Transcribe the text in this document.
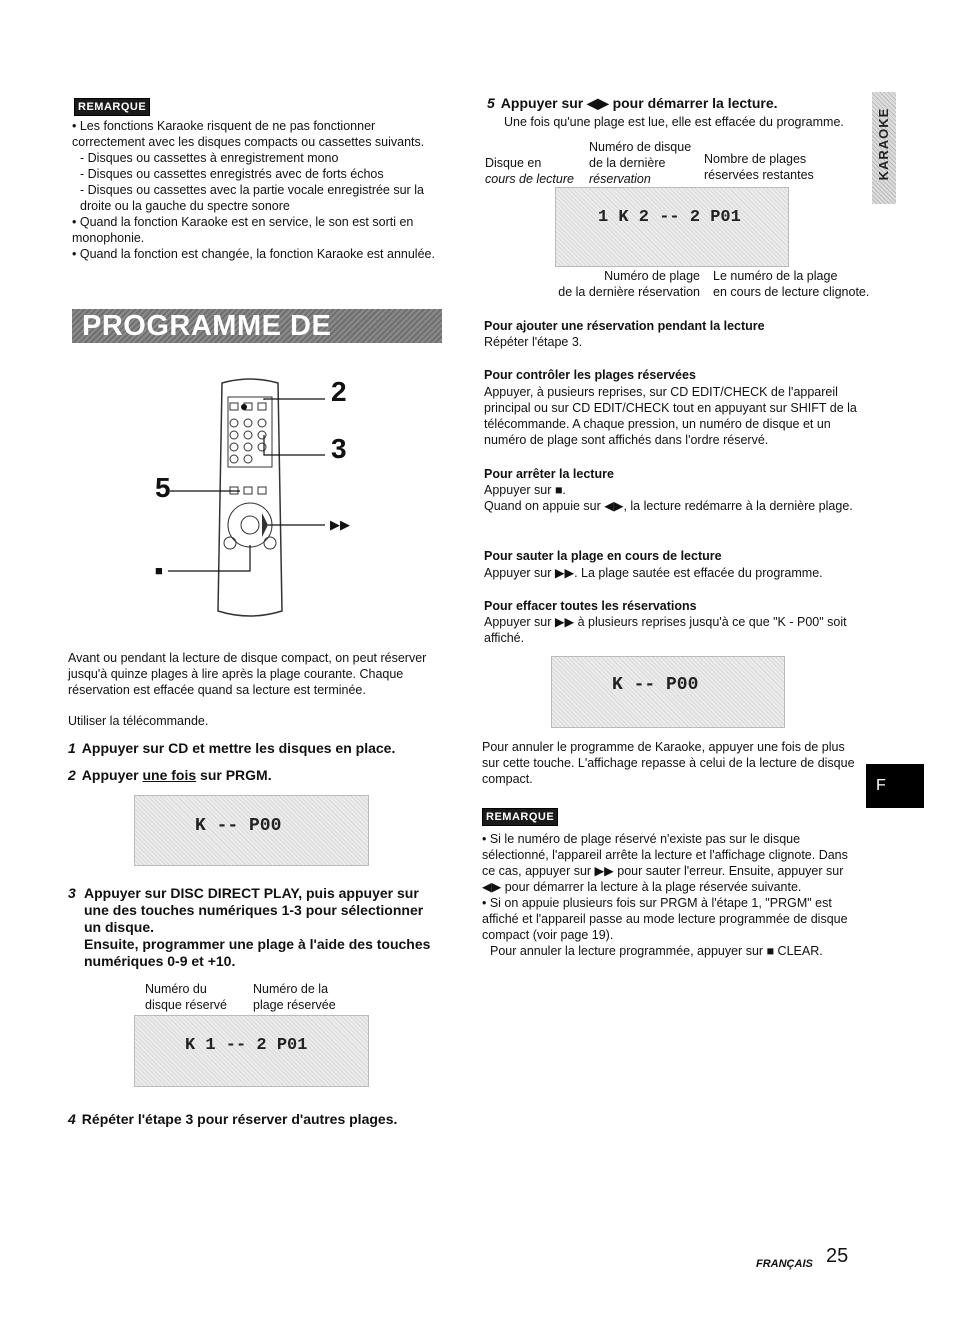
REMARQUE

• Les fonctions Karaoke risquent de ne pas fonctionner correctement avec les disques compacts ou cassettes suivants.

- Disques ou cassettes à enregistrement mono

- Disques ou cassettes enregistrés avec de forts échos

- Disques ou cassettes avec la partie vocale enregistrée sur la droite ou la gauche du spectre sonore

• Quand la fonction Karaoke est en service, le son est sorti en monophonie.

• Quand la fonction est changée, la fonction Karaoke est annulée.

PROGRAMME DE KARAOKE
2
3
5
▶▶
■

Avant ou pendant la lecture de disque compact, on peut réserver jusqu'à quinze plages à lire après la plage courante. Chaque réservation est effacée quand sa lecture est terminée.

Utiliser la télécommande.

1 Appuyer sur CD et mettre les disques en place.
2 Appuyer une fois sur PRGM.
K -- P00
3 Appuyer sur DISC DIRECT PLAY, puis appuyer sur une des touches numériques 1-3 pour sélectionner un disque.
Ensuite, programmer une plage à l'aide des touches numériques 0-9 et +10.
Numéro du
disque réservé
Numéro de la
plage réservée
K 1 -- 2 P01
4 Répéter l'étape 3 pour réserver d'autres plages.
5 Appuyer sur ◀▶ pour démarrer la lecture.

Une fois qu'une plage est lue, elle est effacée du programme.

Numéro de disque
de la dernière
réservation
Disque en
cours de lecture
Nombre de plages
réservées restantes
1 K 2 -- 2 P01
Numéro de plage
de la dernière réservation
Le numéro de la plage
en cours de lecture clignote.
Pour ajouter une réservation pendant la lecture
Répéter l'étape 3.
Pour contrôler les plages réservées
Appuyer, à pusieurs reprises, sur CD EDIT/CHECK de l'appareil principal ou sur CD EDIT/CHECK tout en appuyant sur SHIFT de la télécommande. A chaque pression, un numéro de disque et un numéro de plage sont affichés dans l'ordre réservé.
Pour arrêter la lecture
Appuyer sur ■.
Quand on appuie sur ◀▶, la lecture redémarre à la dernière plage.
Pour sauter la plage en cours de lecture
Appuyer sur ▶▶. La plage sautée est effacée du programme.
Pour effacer toutes les réservations
Appuyer sur ▶▶ à plusieurs reprises jusqu'à ce que "K - P00" soit affiché.
K -- P00

Pour annuler le programme de Karaoke, appuyer une fois de plus sur cette touche. L'affichage repasse à celui de la lecture de disque compact.

REMARQUE

• Si le numéro de plage réservé n'existe pas sur le disque sélectionné, l'appareil arrête la lecture et l'affichage clignote. Dans ce cas, appuyer sur ▶▶ pour sauter l'erreur. Ensuite, appuyer sur ◀▶ pour démarrer la lecture à la plage réservée suivante.

• Si on appuie plusieurs fois sur PRGM à l'étape 1, "PRGM" est affiché et l'appareil passe au mode lecture programmée de disque compact (voir page 19).

Pour annuler la lecture programmée, appuyer sur ■ CLEAR.

KARAOKE
F
FRANÇAIS 25
